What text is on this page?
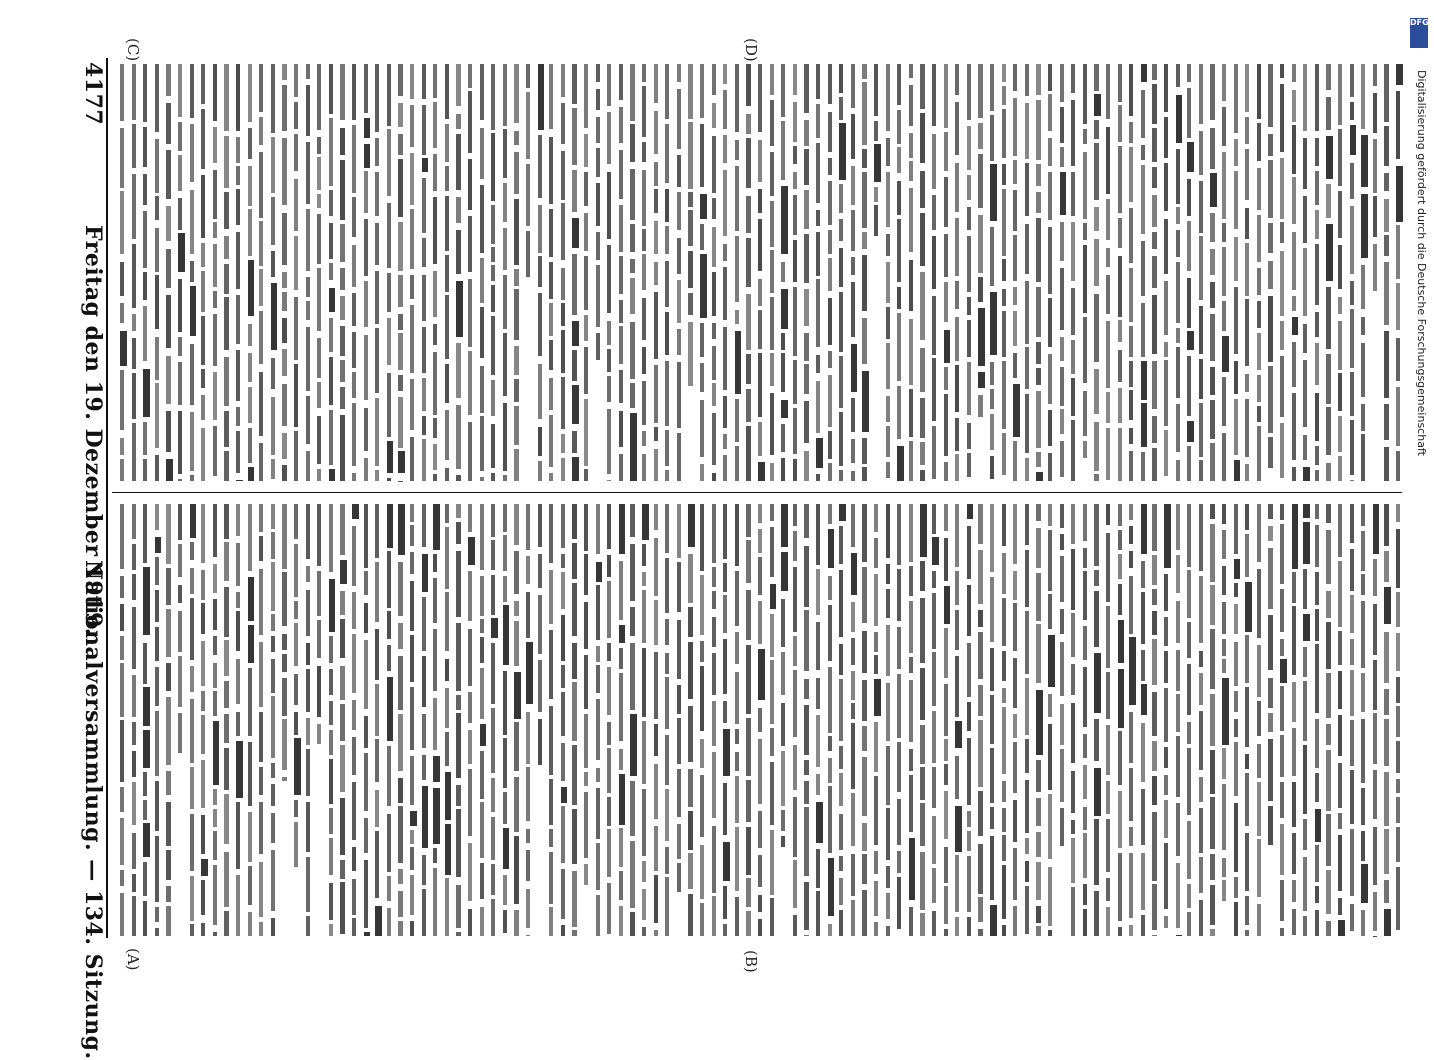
Nationalversammlung. — 134. Sitzung.
Freitag den 19. Dezember 1919.
4177
(A)	(B)
(C)	(D)
DFG
Digitalisierung gefördert durch die Deutsche Forschungsgemeinschaft
